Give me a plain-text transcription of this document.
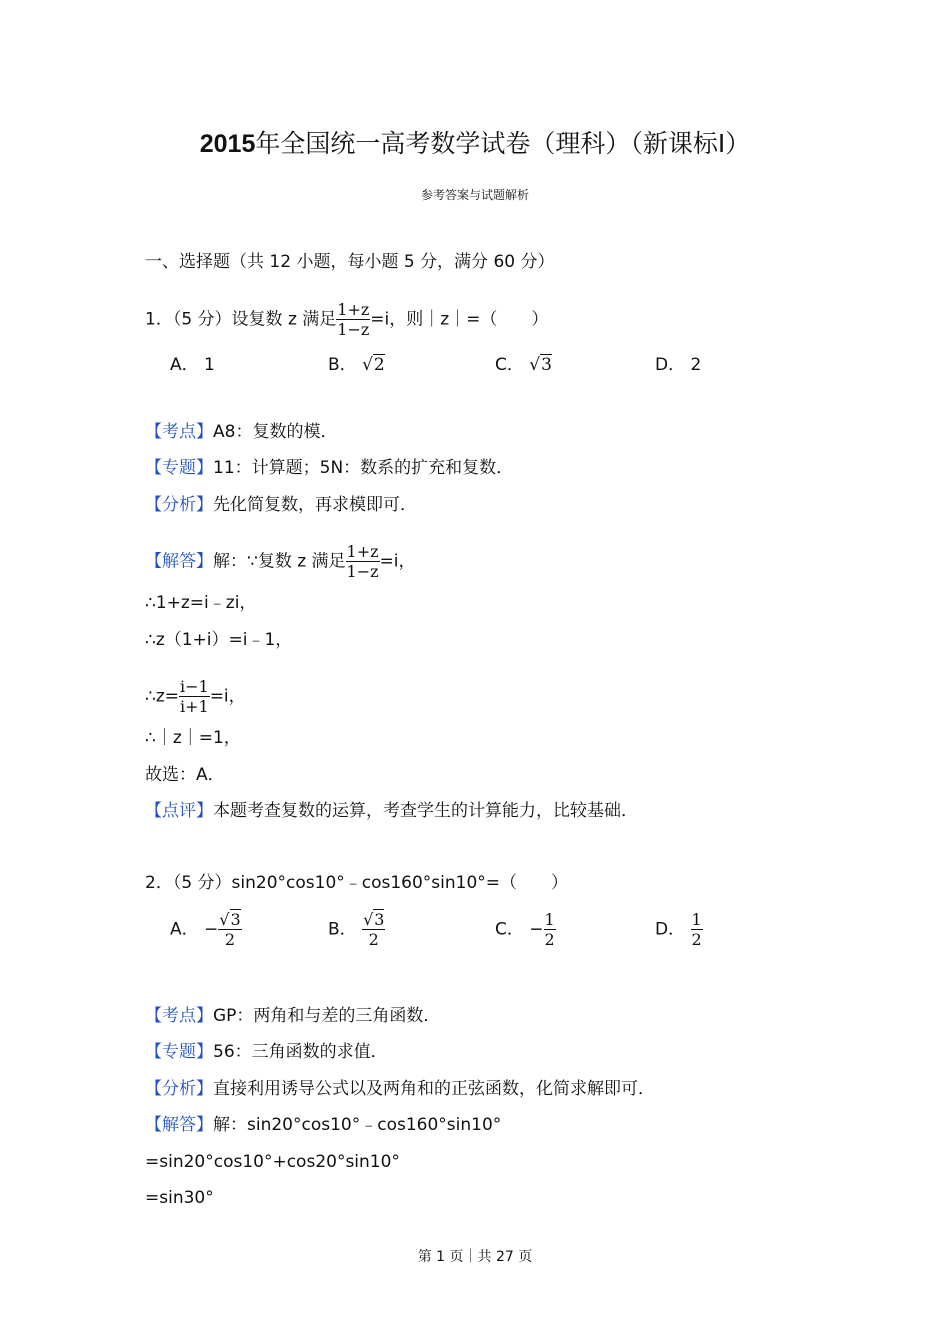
2015年全国统一高考数学试卷（理科）（新课标Ⅰ）
参考答案与试题解析
一、选择题（共 12 小题，每小题 5 分，满分 60 分）
1．（5 分）设复数 z 满足 $\frac{1+z}{1-z} =i$，则｜z｜=（　　）
A． 1	B． √2	C． √3	D． 2
【考点】A8：复数的模．
【专题】11：计算题；5N：数系的扩充和复数．
【分析】先化简复数，再求模即可．
【解答】解：∵复数 z 满足 $\frac{1+z}{1-z} =i$，
∴1+z=i﹣zi，
∴z（1+i）=i﹣1，
∴z= $\frac{i-1}{i+1} =i$，
∴｜z｜=1，
故选：A．
【点评】本题考查复数的运算，考查学生的计算能力，比较基础．
2．（5 分）sin20°cos10°﹣cos160°sin10°=（　　）
A． − $\frac{√3}{2}$	B． $\frac{√3}{2}$	C． − $\frac{1}{2}$	D． $\frac{1}{2}$
【考点】GP：两角和与差的三角函数．
【专题】56：三角函数的求值．
【分析】直接利用诱导公式以及两角和的正弦函数，化简求解即可．
【解答】解：sin20°cos10°﹣cos160°sin10°
=sin20°cos10°+cos20°sin10°
=sin30°
第 1 页｜共 27 页
